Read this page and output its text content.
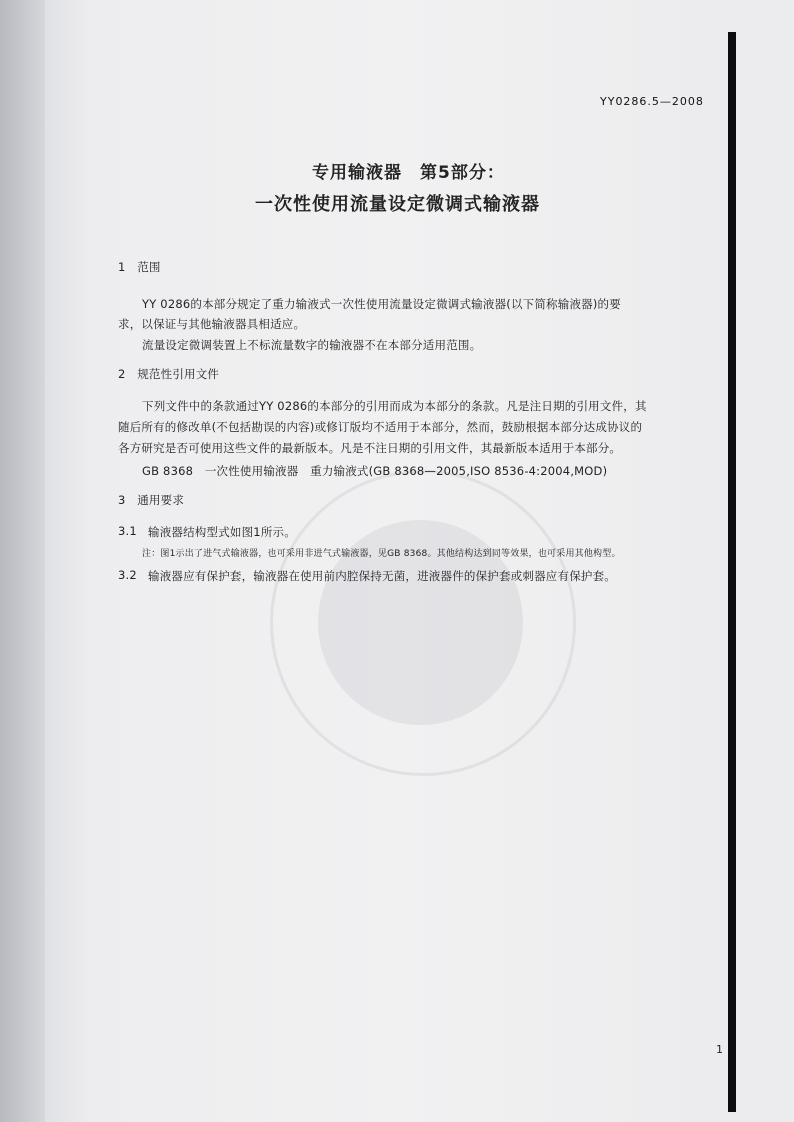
YY0286.5—2008
专用输液器　第5部分：
一次性使用流量设定微调式输液器
1　范围
YY 0286的本部分规定了重力输液式一次性使用流量设定微调式输液器(以下简称输液器)的要
求，以保证与其他输液器具相适应。
流量设定微调装置上不标流量数字的输液器不在本部分适用范围。
2　规范性引用文件
下列文件中的条款通过YY 0286的本部分的引用而成为本部分的条款。凡是注日期的引用文件，其
随后所有的修改单(不包括勘误的内容)或修订版均不适用于本部分，然而，鼓励根据本部分达成协议的
各方研究是否可使用这些文件的最新版本。凡是不注日期的引用文件，其最新版本适用于本部分。
GB 8368　一次性使用输液器　重力输液式(GB 8368—2005,ISO 8536-4:2004,MOD)
3　通用要求
3.1 输液器结构型式如图1所示。
注：图1示出了进气式输液器，也可采用非进气式输液器，见GB 8368。其他结构达到同等效果，也可采用其他构型。
3.2 输液器应有保护套，输液器在使用前内腔保持无菌，进液器件的保护套或刺器应有保护套。
1
